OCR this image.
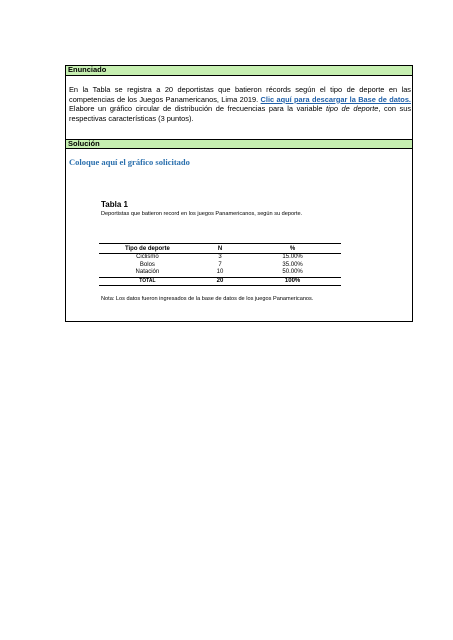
Enunciado
En la Tabla se registra a 20 deportistas que batieron récords según el tipo de deporte en las competencias de los Juegos Panamericanos, Lima 2019. Clic aquí para descargar la Base de datos. Elabore un gráfico circular de distribución de frecuencias para la variable tipo de deporte, con sus respectivas características (3 puntos).
Solución
Coloque aquí el gráfico solicitado
Tabla 1
Deportistas que batieron record en los juegos Panamericanos, según su deporte.
Tipo de deporte	N	%
Ciclismo	3	15.00%
Bolos	7	35.00%
Natación	10	50.00%
TOTAL	20	100%
Nota: Los datos fueron ingresados de la base de datos de los juegos Panamericanos.
